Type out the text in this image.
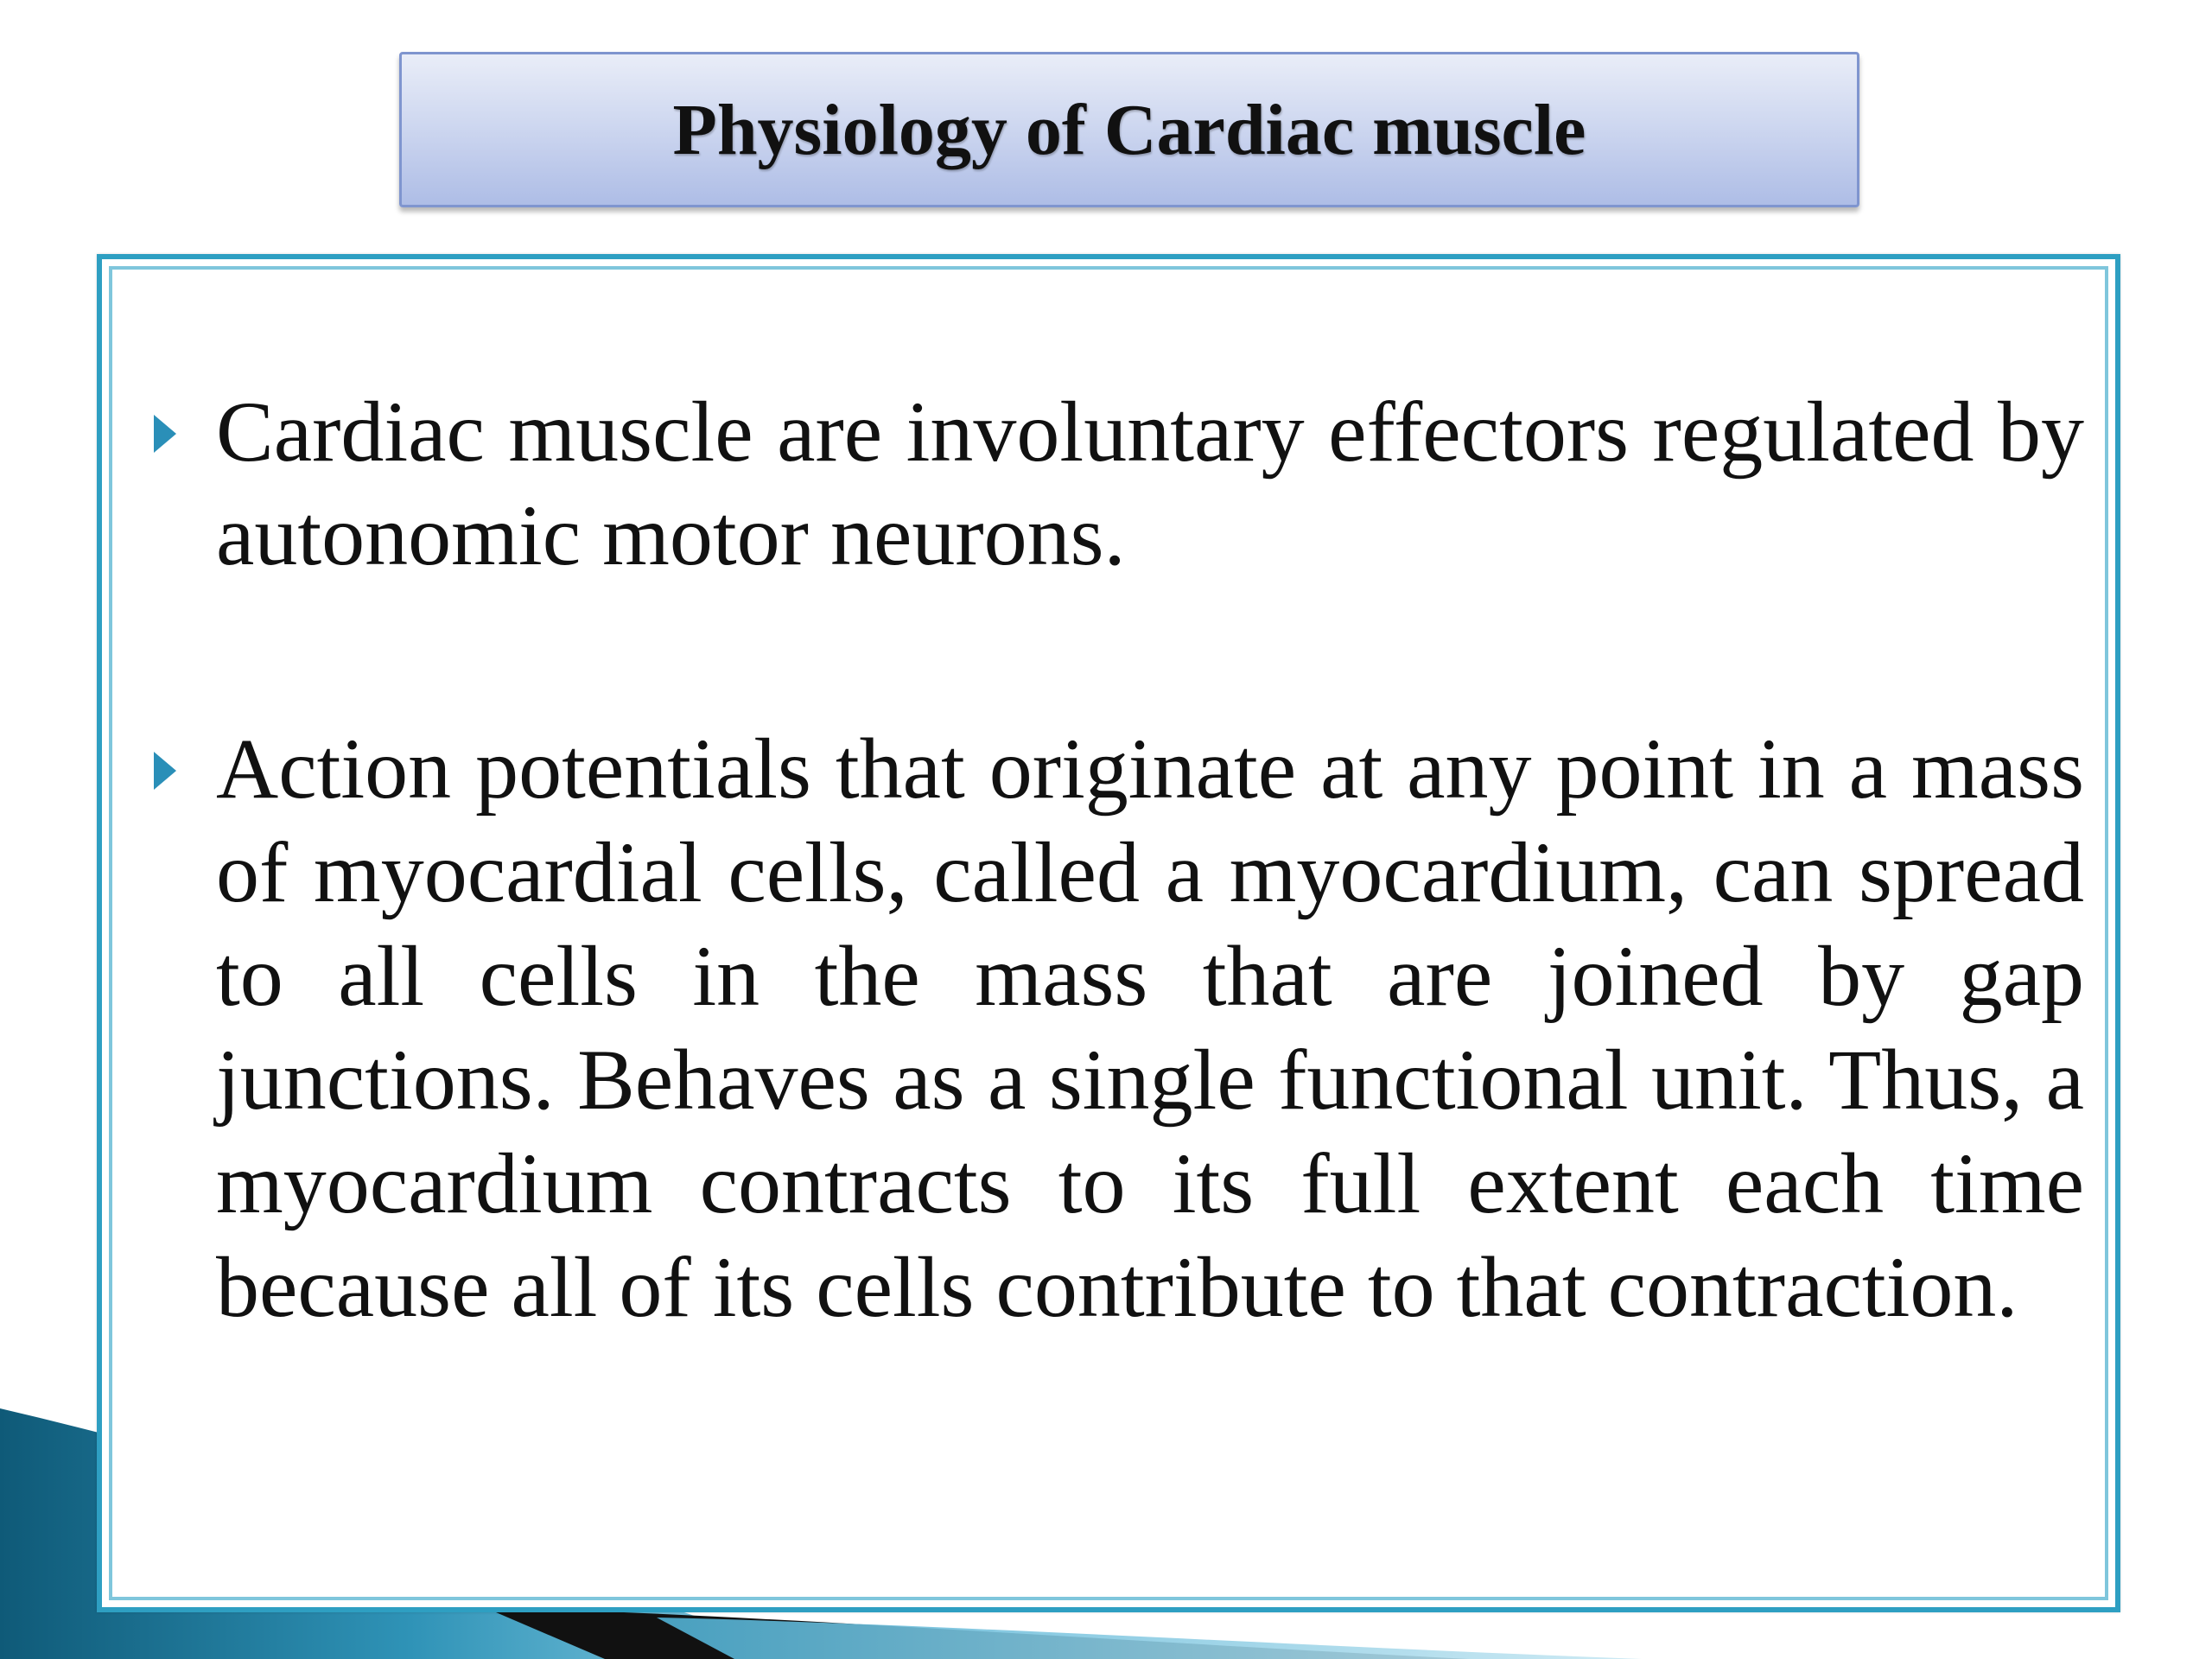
Physiology of Cardiac muscle
Cardiac muscle are involuntary effectors regulated by autonomic motor neurons.
Action potentials that originate at any point in a mass of myocardial cells, called a myocardium, can spread to all cells in the mass that are joined by gap junctions. Behaves as a single functional unit. Thus, a myocardium contracts to its full extent each time because all of its cells contribute to that contraction.
